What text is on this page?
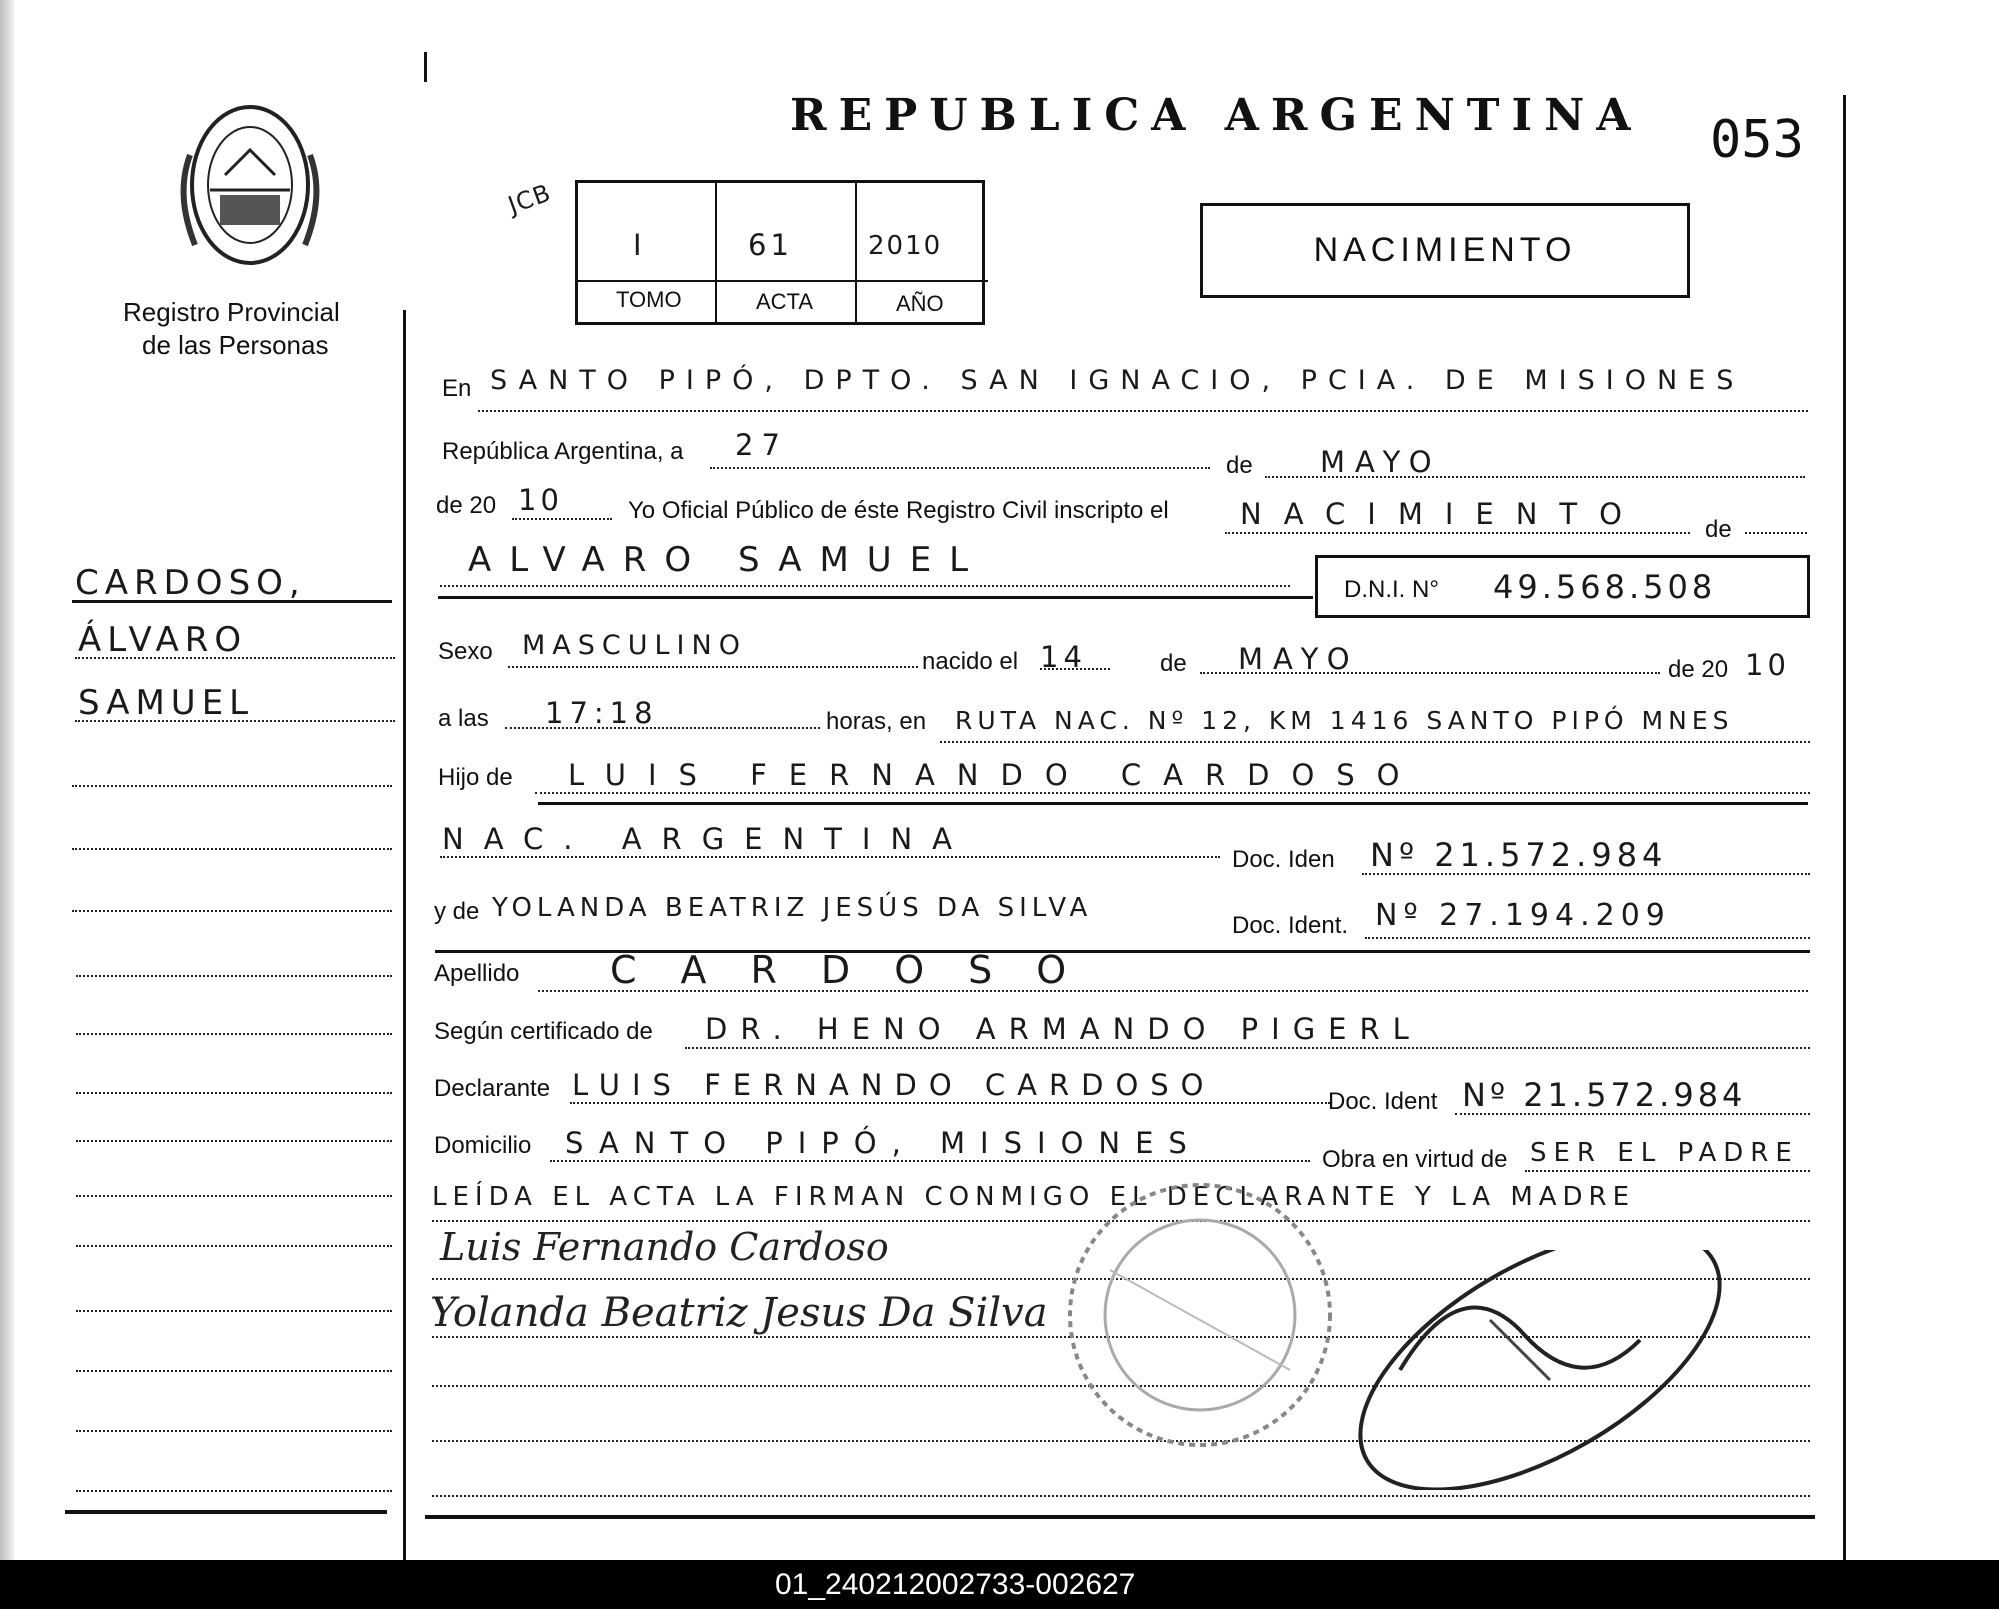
Registro Provincial
de las Personas
REPUBLICA ARGENTINA 053
JCB
I	61	2010
TOMO	ACTA	AÑO
NACIMIENTO
CARDOSO,
ÁLVARO
SAMUEL
En SANTO PIPÓ, DPTO. SAN IGNACIO, PCIA. DE MISIONES
República Argentina, a 27
de MAYO
de 20 10	Yo Oficial Público de éste Registro Civil inscripto el NACIMIENTO	de
ALVARO SAMUEL
D.N.I. N° 49.568.508
Sexo MASCULINO
nacido el 14	de MAYO	de 20 10
a las 17:18	horas, en RUTA NAC. Nº 12, KM 1416 SANTO PIPÓ MNES
Hijo de LUIS FERNANDO CARDOSO
NAC. ARGENTINA
Doc. Iden Nº 21.572.984
y de YOLANDA BEATRIZ JESÚS DA SILVA
Doc. Ident. Nº 27.194.209
Apellido CARDOSO
Según certificado de DR. HENO ARMANDO PIGERL
Declarante LUIS FERNANDO CARDOSO	Doc. Ident Nº 21.572.984
Domicilio SANTO PIPÓ, MISIONES	Obra en virtud de SER EL PADRE
LEÍDA EL ACTA LA FIRMAN CONMIGO EL DECLARANTE Y LA MADRE
Luis Fernando Cardoso
Yolanda Beatriz Jesus Da Silva
01_240212002733-002627
